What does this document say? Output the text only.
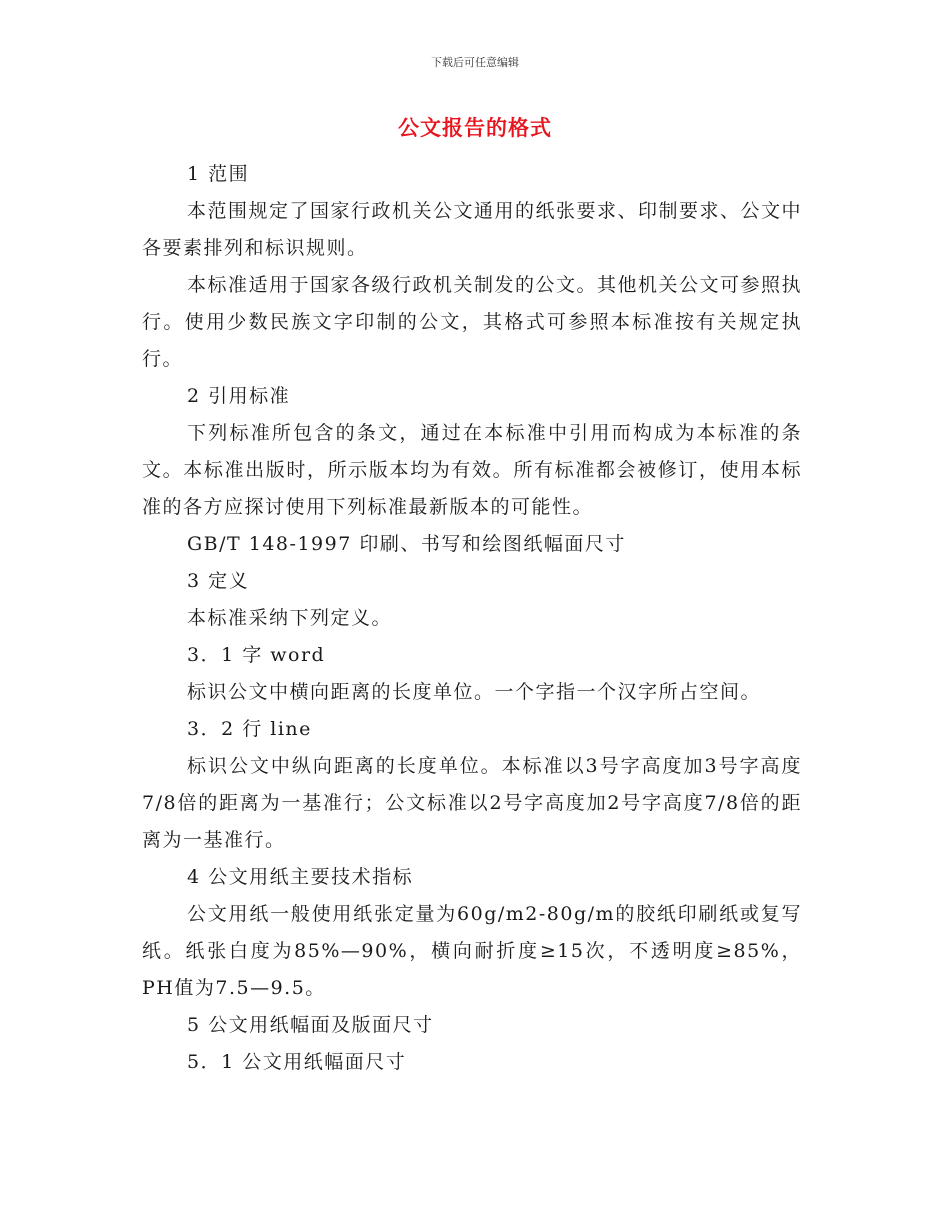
下载后可任意编辑
公文报告的格式

1 范围

本范围规定了国家行政机关公文通用的纸张要求、印制要求、公文中各要素排列和标识规则。

本标准适用于国家各级行政机关制发的公文。其他机关公文可参照执行。使用少数民族文字印制的公文，其格式可参照本标准按有关规定执行。

2 引用标准

下列标准所包含的条文，通过在本标准中引用而构成为本标准的条文。本标准出版时，所示版本均为有效。所有标准都会被修订，使用本标准的各方应探讨使用下列标准最新版本的可能性。

GB/T 148-1997 印刷、书写和绘图纸幅面尺寸

3 定义

本标准采纳下列定义。

3．1 字 word

标识公文中横向距离的长度单位。一个字指一个汉字所占空间。

3．2 行 line

标识公文中纵向距离的长度单位。本标准以3号字高度加3号字高度7/8倍的距离为一基准行；公文标准以2号字高度加2号字高度7/8倍的距离为一基准行。

4 公文用纸主要技术指标

公文用纸一般使用纸张定量为60g/m2-80g/m的胶纸印刷纸或复写纸。纸张白度为85%—90%，横向耐折度≥15次，不透明度≥85%，PH值为7.5—9.5。

5 公文用纸幅面及版面尺寸

5．1 公文用纸幅面尺寸
